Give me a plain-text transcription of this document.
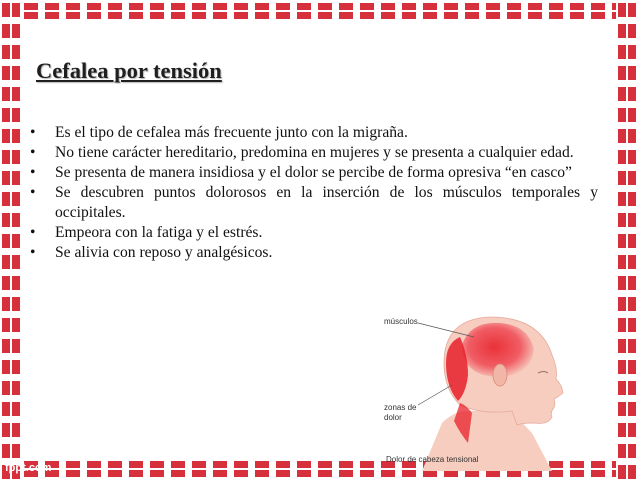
Cefalea por tensión
• Es el tipo de cefalea más frecuente junto con la migraña.
• No tiene carácter hereditario, predomina en mujeres y se presenta a cualquier edad.
• Se presenta de manera insidiosa y el dolor se percibe de forma opresiva “en casco”
• Se descubren puntos dolorosos en la inserción de los músculos temporales y occipitales.
• Empeora con la fatiga y el estrés.
• Se alivia con reposo y analgésicos.
músculos
zonas de
dolor
Dolor de cabeza tensional
fppt.com
